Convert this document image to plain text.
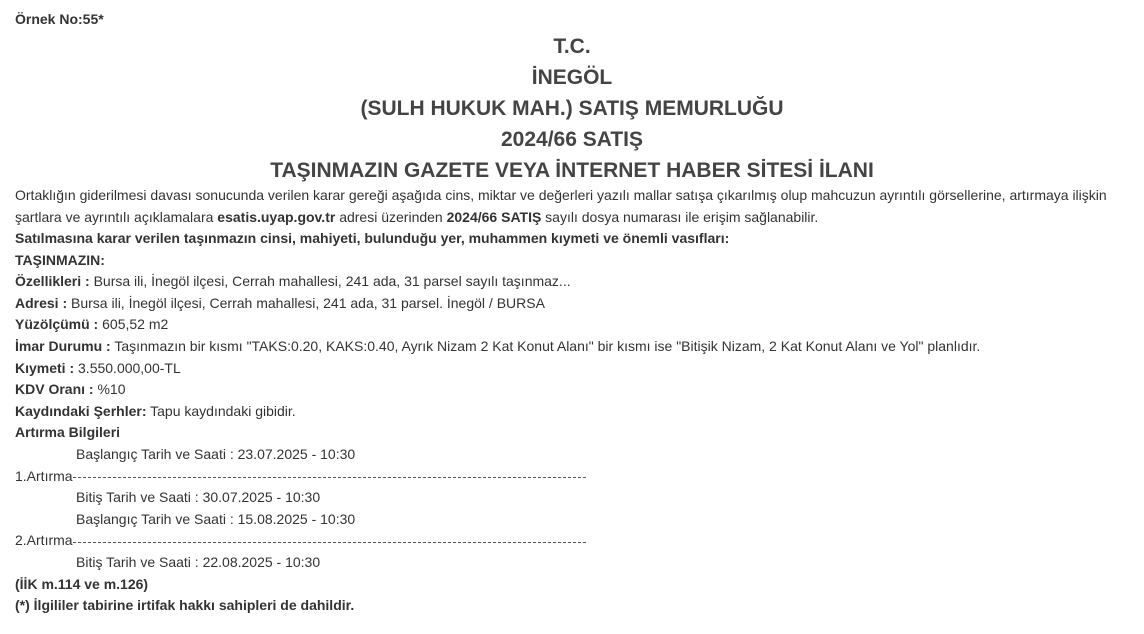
Örnek No:55*
T.C.
İNEGÖL
(SULH HUKUK MAH.) SATIŞ MEMURLUĞU
2024/66 SATIŞ
TAŞINMAZIN GAZETE VEYA İNTERNET HABER SİTESİ İLANI
Ortaklığın giderilmesi davası sonucunda verilen karar gereği aşağıda cins, miktar ve değerleri yazılı mallar satışa çıkarılmış olup mahcuzun ayrıntılı görsellerine, artırmaya ilişkin şartlara ve ayrıntılı açıklamalara esatis.uyap.gov.tr adresi üzerinden 2024/66 SATIŞ sayılı dosya numarası ile erişim sağlanabilir.
Satılmasına karar verilen taşınmazın cinsi, mahiyeti, bulunduğu yer, muhammen kıymeti ve önemli vasıfları:
TAŞINMAZIN:
Özellikleri : Bursa ili, İnegöl ilçesi, Cerrah mahallesi, 241 ada, 31 parsel sayılı taşınmaz...
Adresi : Bursa ili, İnegöl ilçesi, Cerrah mahallesi, 241 ada, 31 parsel. İnegöl / BURSA
Yüzölçümü : 605,52 m2
İmar Durumu : Taşınmazın bir kısmı "TAKS:0.20, KAKS:0.40, Ayrık Nizam 2 Kat Konut Alanı" bir kısmı ise "Bitişik Nizam, 2 Kat Konut Alanı ve Yol" planlıdır.
Kıymeti : 3.550.000,00-TL
KDV Oranı : %10
Kaydındaki Şerhler: Tapu kaydındaki gibidir.
Artırma Bilgileri
Başlangıç Tarih ve Saati : 23.07.2025 - 10:30
1.Artırma
Bitiş Tarih ve Saati : 30.07.2025 - 10:30
Başlangıç Tarih ve Saati : 15.08.2025 - 10:30
2.Artırma
Bitiş Tarih ve Saati : 22.08.2025 - 10:30
(İİK m.114 ve m.126)
(*) İlgililer tabirine irtifak hakkı sahipleri de dahildir.
